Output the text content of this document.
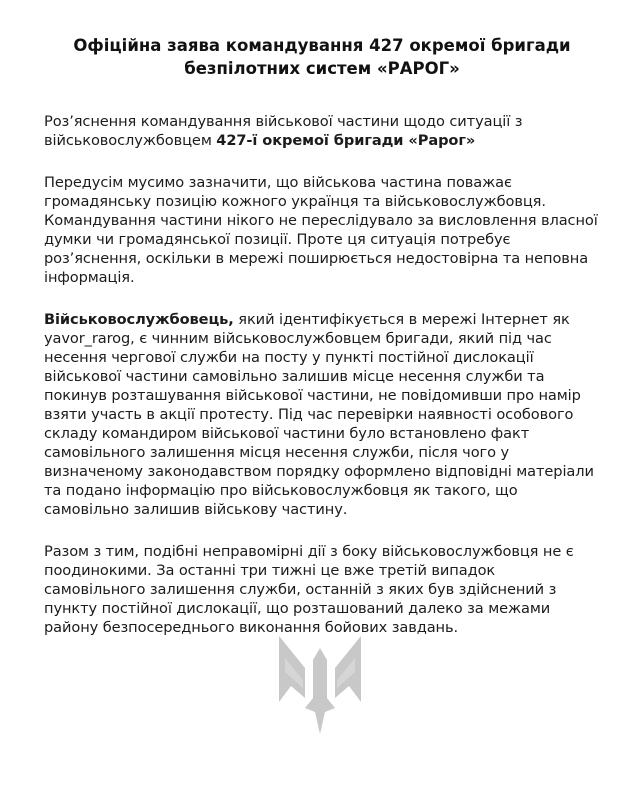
Офіційна заява командування 427 окремої бригади
безпілотних систем «РАРОГ»

Роз’яснення командування військової частини щодо ситуації з військовослужбовцем 427-ї окремої бригади «Рарог»

Передусім мусимо зазначити, що військова частина поважає громадянську позицію кожного українця та військовослужбовця. Командування частини нікого не переслідувало за висловлення власної думки чи громадянської позиції. Проте ця ситуація потребує роз’яснення, оскільки в мережі поширюється недостовірна та неповна інформація.

Військовослужбовець, який ідентифікується в мережі Інтернет як yavor_rarog, є чинним військовослужбовцем бригади, який під час несення чергової служби на посту у пункті постійної дислокації військової частини самовільно залишив місце несення служби та покинув розташування військової частини, не повідомивши про намір взяти участь в акції протесту. Під час перевірки наявності особового складу командиром військової частини було встановлено факт самовільного залишення місця несення служби, після чого у визначеному законодавством порядку оформлено відповідні матеріали та подано інформацію про військовослужбовця як такого, що самовільно залишив військову частину.

Разом з тим, подібні неправомірні дії з боку військовослужбовця не є поодинокими. За останні три тижні це вже третій випадок самовільного залишення служби, останній з яких був здійснений з пункту постійної дислокації, що розташований далеко за межами району безпосереднього виконання бойових завдань.
